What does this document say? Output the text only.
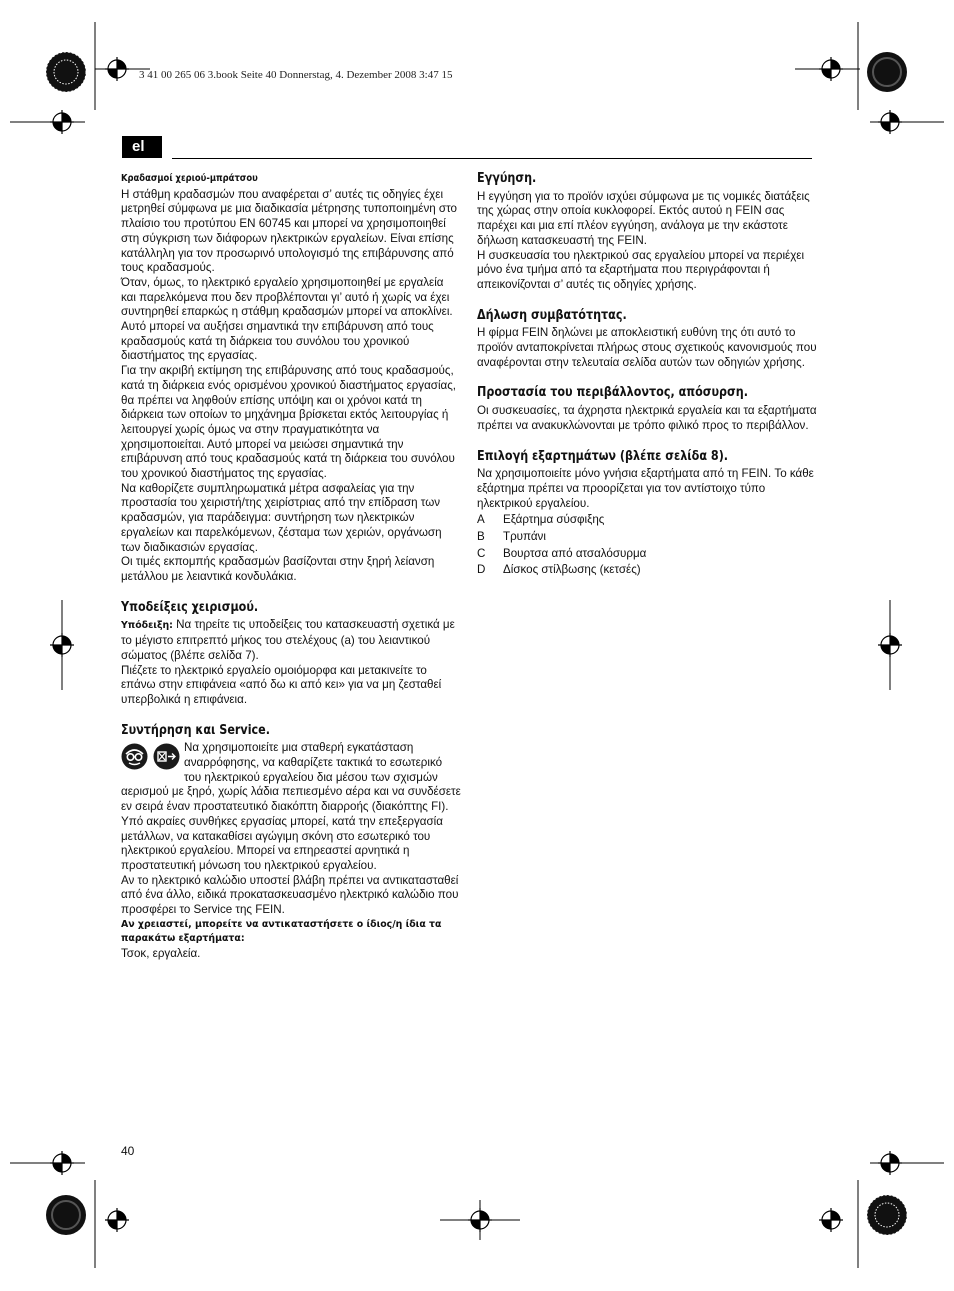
3 41 00 265 06 3.book Seite 40 Donnerstag, 4. Dezember 2008 3:47 15
el

Κραδασμοί χεριού-μπράτσου

Η στάθμη κραδασμών που αναφέρεται σ’ αυτές τις οδηγίες έχει μετρηθεί σύμφωνα με μια διαδικασία μέτρησης τυποποιημένη στο πλαίσιο του προτύπου EN 60745 και μπορεί να χρησιμοποιηθεί στη σύγκριση των διάφορων ηλεκτρικών εργαλείων. Είναι επίσης κατάλληλη για τον προσωρινό υπολογισμό της επιβάρυνσης από τους κραδασμούς.

Όταν, όμως, το ηλεκτρικό εργαλείο χρησιμοποιηθεί με εργαλεία και παρελκόμενα που δεν προβλέπονται γι’ αυτό ή χωρίς να έχει συντηρηθεί επαρκώς η στάθμη κραδασμών μπορεί να αποκλίνει. Αυτό μπορεί να αυξήσει σημαντικά την επιβάρυνση από τους κραδασμούς κατά τη διάρκεια του συνόλου του χρονικού διαστήματος της εργασίας.

Για την ακριβή εκτίμηση της επιβάρυνσης από τους κραδασμούς, κατά τη διάρκεια ενός ορισμένου χρονικού διαστήματος εργασίας, θα πρέπει να ληφθούν επίσης υπόψη και οι χρόνοι κατά τη διάρκεια των οποίων το μηχάνημα βρίσκεται εκτός λειτουργίας ή λειτουργεί χωρίς όμως να στην πραγματικότητα να χρησιμοποιείται. Αυτό μπορεί να μειώσει σημαντικά την επιβάρυνση από τους κραδασμούς κατά τη διάρκεια του συνόλου του χρονικού διαστήματος της εργασίας.

Να καθορίζετε συμπληρωματικά μέτρα ασφαλείας για την προστασία του χειριστή/της χειρίστριας από την επίδραση των κραδασμών, για παράδειγμα: συντήρηση των ηλεκτρικών εργαλείων και παρελκόμενων, ζέσταμα των χεριών, οργάνωση των διαδικασιών εργασίας.

Οι τιμές εκπομπής κραδασμών βασίζονται στην ξηρή λείανση μετάλλου με λειαντικά κονδυλάκια.

Υποδείξεις χειρισμού.

Υπόδειξη: Να τηρείτε τις υποδείξεις του κατασκευαστή σχετικά με το μέγιστο επιτρεπτό μήκος του στελέχους (a) του λειαντικού σώματος (βλέπε σελίδα 7).

Πιέζετε το ηλεκτρικό εργαλείο ομοιόμορφα και μετακινείτε το επάνω στην επιφάνεια «από δω κι από κει» για να μη ζεσταθεί υπερβολικά η επιφάνεια.

Συντήρηση και Service.

Να χρησιμοποιείτε μια σταθερή εγκατάσταση αναρρόφησης, να καθαρίζετε τακτικά το εσωτερικό του ηλεκτρικού εργαλείου δια μέσου των σχισμών αερισμού με ξηρό, χωρίς λάδια πεπιεσμένο αέρα και να συνδέσετε εν σειρά έναν προστατευτικό διακόπτη διαρροής (διακόπτης FI). Υπό ακραίες συνθήκες εργασίας μπορεί, κατά την επεξεργασία μετάλλων, να κατακαθίσει αγώγιμη σκόνη στο εσωτερικό του ηλεκτρικού εργαλείου. Μπορεί να επηρεαστεί αρνητικά η προστατευτική μόνωση του ηλεκτρικού εργαλείου.

Αν το ηλεκτρικό καλώδιο υποστεί βλάβη πρέπει να αντικατασταθεί από ένα άλλο, ειδικά προκατασκευασμένο ηλεκτρικό καλώδιο που προσφέρει το Service της FEIN.

Αν χρειαστεί, μπορείτε να αντικαταστήσετε ο ίδιος/η ίδια τα παρακάτω εξαρτήματα:

Τσοκ, εργαλεία.

Εγγύηση.

Η εγγύηση για το προϊόν ισχύει σύμφωνα με τις νομικές διατάξεις της χώρας στην οποία κυκλοφορεί. Εκτός αυτού η FEIN σας παρέχει και μια επί πλέον εγγύηση, ανάλογα με την εκάστοτε δήλωση κατασκευαστή της FEIN.

Η συσκευασία του ηλεκτρικού σας εργαλείου μπορεί να περιέχει μόνο ένα τμήμα από τα εξαρτήματα που περιγράφονται ή απεικονίζονται σ’ αυτές τις οδηγίες χρήσης.

Δήλωση συμβατότητας.

Η φίρμα FEIN δηλώνει με αποκλειστική ευθύνη της ότι αυτό το προϊόν ανταποκρίνεται πλήρως στους σχετικούς κανονισμούς που αναφέρονται στην τελευταία σελίδα αυτών των οδηγιών χρήσης.

Προστασία του περιβάλλοντος, απόσυρση.

Οι συσκευασίες, τα άχρηστα ηλεκτρικά εργαλεία και τα εξαρτήματα πρέπει να ανακυκλώνονται με τρόπο φιλικό προς το περιβάλλον.

Επιλογή εξαρτημάτων (βλέπε σελίδα 8).

Να χρησιμοποιείτε μόνο γνήσια εξαρτήματα από τη FEIN. Το κάθε εξάρτημα πρέπει να προορίζεται για τον αντίστοιχο τύπο ηλεκτρικού εργαλείου.

A	Εξάρτημα σύσφιξης
B	Τρυπάνι
C	Βουρτσα από ατσαλόσυρμα
D	Δίσκος στίλβωσης (κετσές)
40
